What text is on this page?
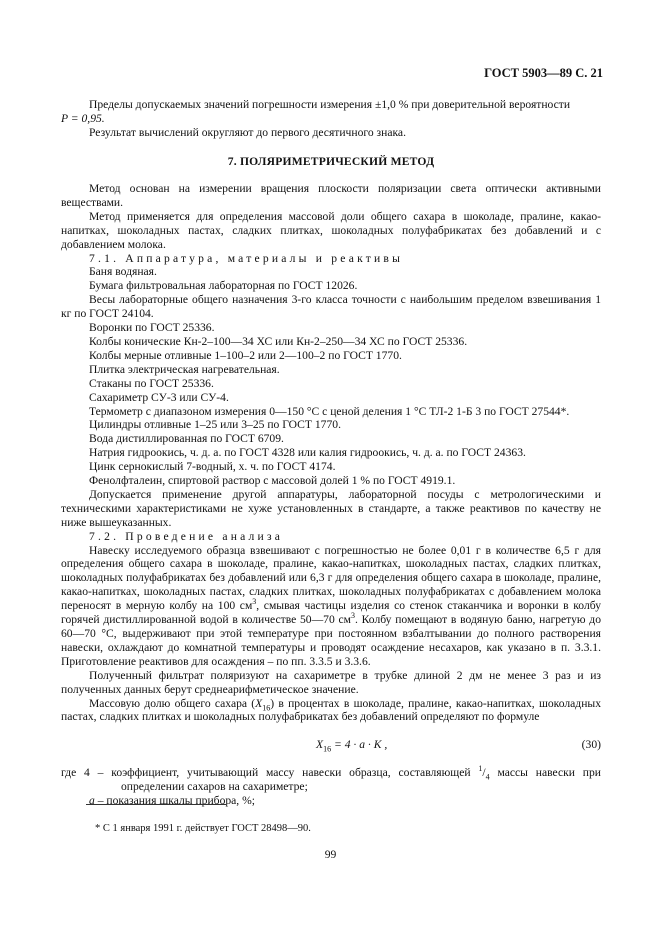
ГОСТ 5903—89 С. 21

Пределы допускаемых значений погрешности измерения ±1,0 % при доверительной вероятности

P = 0,95.

Результат вычислений округляют до первого десятичного знака.

7. ПОЛЯРИМЕТРИЧЕСКИЙ МЕТОД

Метод основан на измерении вращения плоскости поляризации света оптически активными веществами.

Метод применяется для определения массовой доли общего сахара в шоколаде, пралине, какао-напитках, шоколадных пастах, сладких плитках, шоколадных полуфабрикатах без добавлений и с добавлением молока.

7.1. Аппаратура, материалы и реактивы

Баня водяная.

Бумага фильтровальная лабораторная по ГОСТ 12026.

Весы лабораторные общего назначения 3-го класса точности с наибольшим пределом взвешивания 1 кг по ГОСТ 24104.

Воронки по ГОСТ 25336.

Колбы конические Кн-2–100—34 ХС или Кн-2–250—34 ХС по ГОСТ 25336.

Колбы мерные отливные 1–100–2 или 2—100–2 по ГОСТ 1770.

Плитка электрическая нагревательная.

Стаканы по ГОСТ 25336.

Сахариметр СУ-3 или СУ-4.

Термометр с диапазоном измерения 0—150 °С с ценой деления 1 °С ТЛ-2 1-Б 3 по ГОСТ 27544*.

Цилиндры отливные 1–25 или 3–25 по ГОСТ 1770.

Вода дистиллированная по ГОСТ 6709.

Натрия гидроокись, ч. д. а. по ГОСТ 4328 или калия гидроокись, ч. д. а. по ГОСТ 24363.

Цинк сернокислый 7-водный, х. ч. по ГОСТ 4174.

Фенолфталеин, спиртовой раствор с массовой долей 1 % по ГОСТ 4919.1.

Допускается применение другой аппаратуры, лабораторной посуды с метрологическими и техническими характеристиками не хуже установленных в стандарте, а также реактивов по качеству не ниже вышеуказанных.

7.2. Проведение анализа

Навеску исследуемого образца взвешивают с погрешностью не более 0,01 г в количестве 6,5 г для определения общего сахара в шоколаде, пралине, какао-напитках, шоколадных пастах, сладких плитках, шоколадных полуфабрикатах без добавлений или 6,3 г для определения общего сахара в шоколаде, пралине, какао-напитках, шоколадных пастах, сладких плитках, шоколадных полуфабрикатах с добавлением молока переносят в мерную колбу на 100 $см^3$, смывая частицы изделия со стенок стаканчика и воронки в колбу горячей дистиллированной водой в количестве 50—70 $см^3$. Колбу помещают в водяную баню, нагретую до 60—70 °С, выдерживают при этой температуре при постоянном взбалтывании до полного растворения навески, охлаждают до комнатной температуры и проводят осаждение несахаров, как указано в п. 3.3.1. Приготовление реактивов для осаждения – по пп. 3.3.5 и 3.3.6.

Полученный фильтрат поляризуют на сахариметре в трубке длиной 2 дм не менее 3 раз и из полученных данных берут среднеарифметическое значение.

Массовую долю общего сахара $(X_{16})$ в процентах в шоколаде, пралине, какао-напитках, шоколадных пастах, сладких плитках и шоколадных полуфабрикатах без добавлений определяют по формуле

$X_{16} = 4 \cdot a \cdot K$ ,	(30)

где 4 – коэффициент, учитывающий массу навески образца, составляющей $^1/_4$ массы навески при определении сахаров на сахариметре;

a – показания шкалы прибора, %;

* С 1 января 1991 г. действует ГОСТ 28498—90.
99
